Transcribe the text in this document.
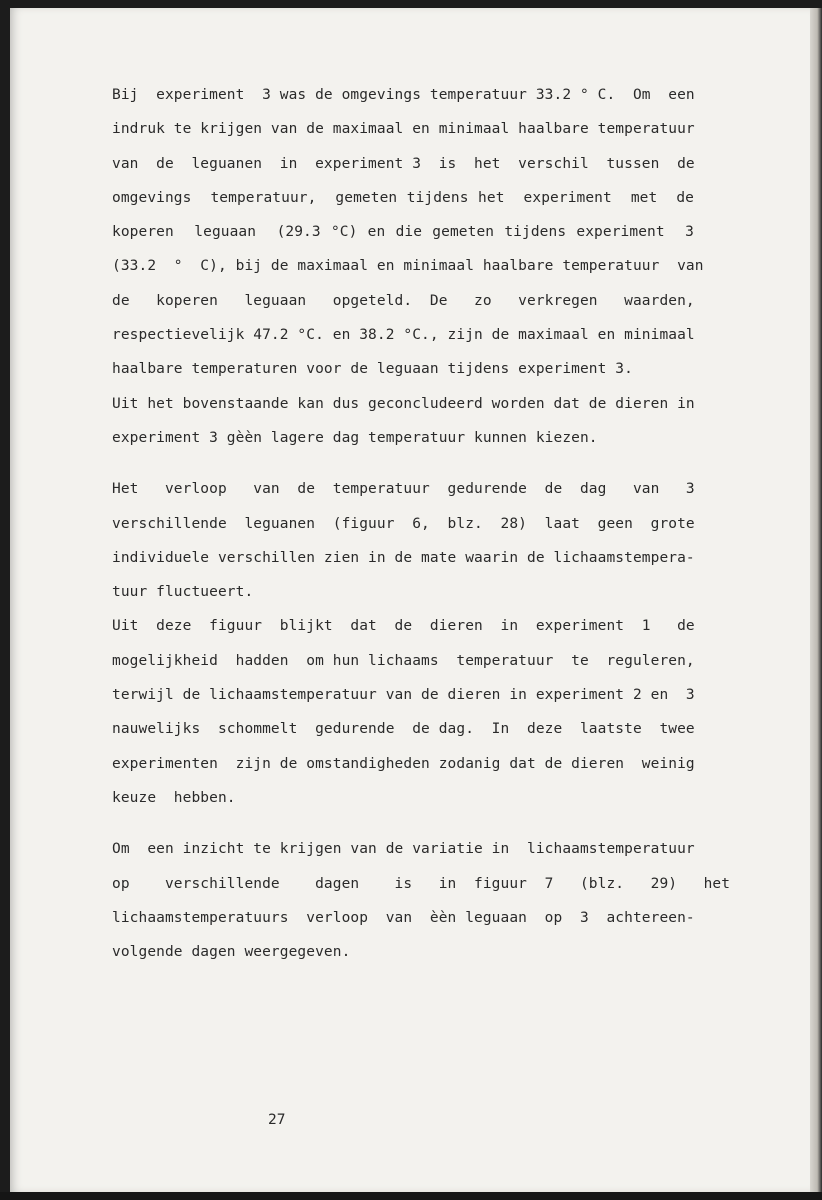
Bij  experiment  3 was de omgevings temperatuur 33.2 ° C.  Om  een
indruk te krijgen van de maximaal en minimaal haalbare temperatuur
van  de  leguanen  in  experiment 3  is  het  verschil  tussen  de
omgevings  temperatuur,  gemeten tijdens het  experiment  met  de
koperen  leguaan  (29.3 °C) en die gemeten tijdens experiment  3
(33.2  °  C), bij de maximaal en minimaal haalbare temperatuur  van
de   koperen   leguaan   opgeteld.  De   zo   verkregen   waarden,
respectievelijk 47.2 °C. en 38.2 °C., zijn de maximaal en minimaal
haalbare temperaturen voor de leguaan tijdens experiment 3.
Uit het bovenstaande kan dus geconcludeerd worden dat de dieren in
experiment 3 gèèn lagere dag temperatuur kunnen kiezen.
Het   verloop   van  de  temperatuur  gedurende  de  dag   van   3
verschillende  leguanen  (figuur  6,  blz.  28)  laat  geen  grote
individuele verschillen zien in de mate waarin de lichaamstempera-
tuur fluctueert.
Uit  deze  figuur  blijkt  dat  de  dieren  in  experiment  1   de
mogelijkheid  hadden  om hun lichaams  temperatuur  te  reguleren,
terwijl de lichaamstemperatuur van de dieren in experiment 2 en  3
nauwelijks  schommelt  gedurende  de dag.  In  deze  laatste  twee
experimenten  zijn de omstandigheden zodanig dat de dieren  weinig
keuze  hebben.
Om  een inzicht te krijgen van de variatie in  lichaamstemperatuur
op    verschillende    dagen    is   in  figuur  7   (blz.   29)   het
lichaamstemperatuurs  verloop  van  èèn leguaan  op  3  achtereen-
volgende dagen weergegeven.
27
